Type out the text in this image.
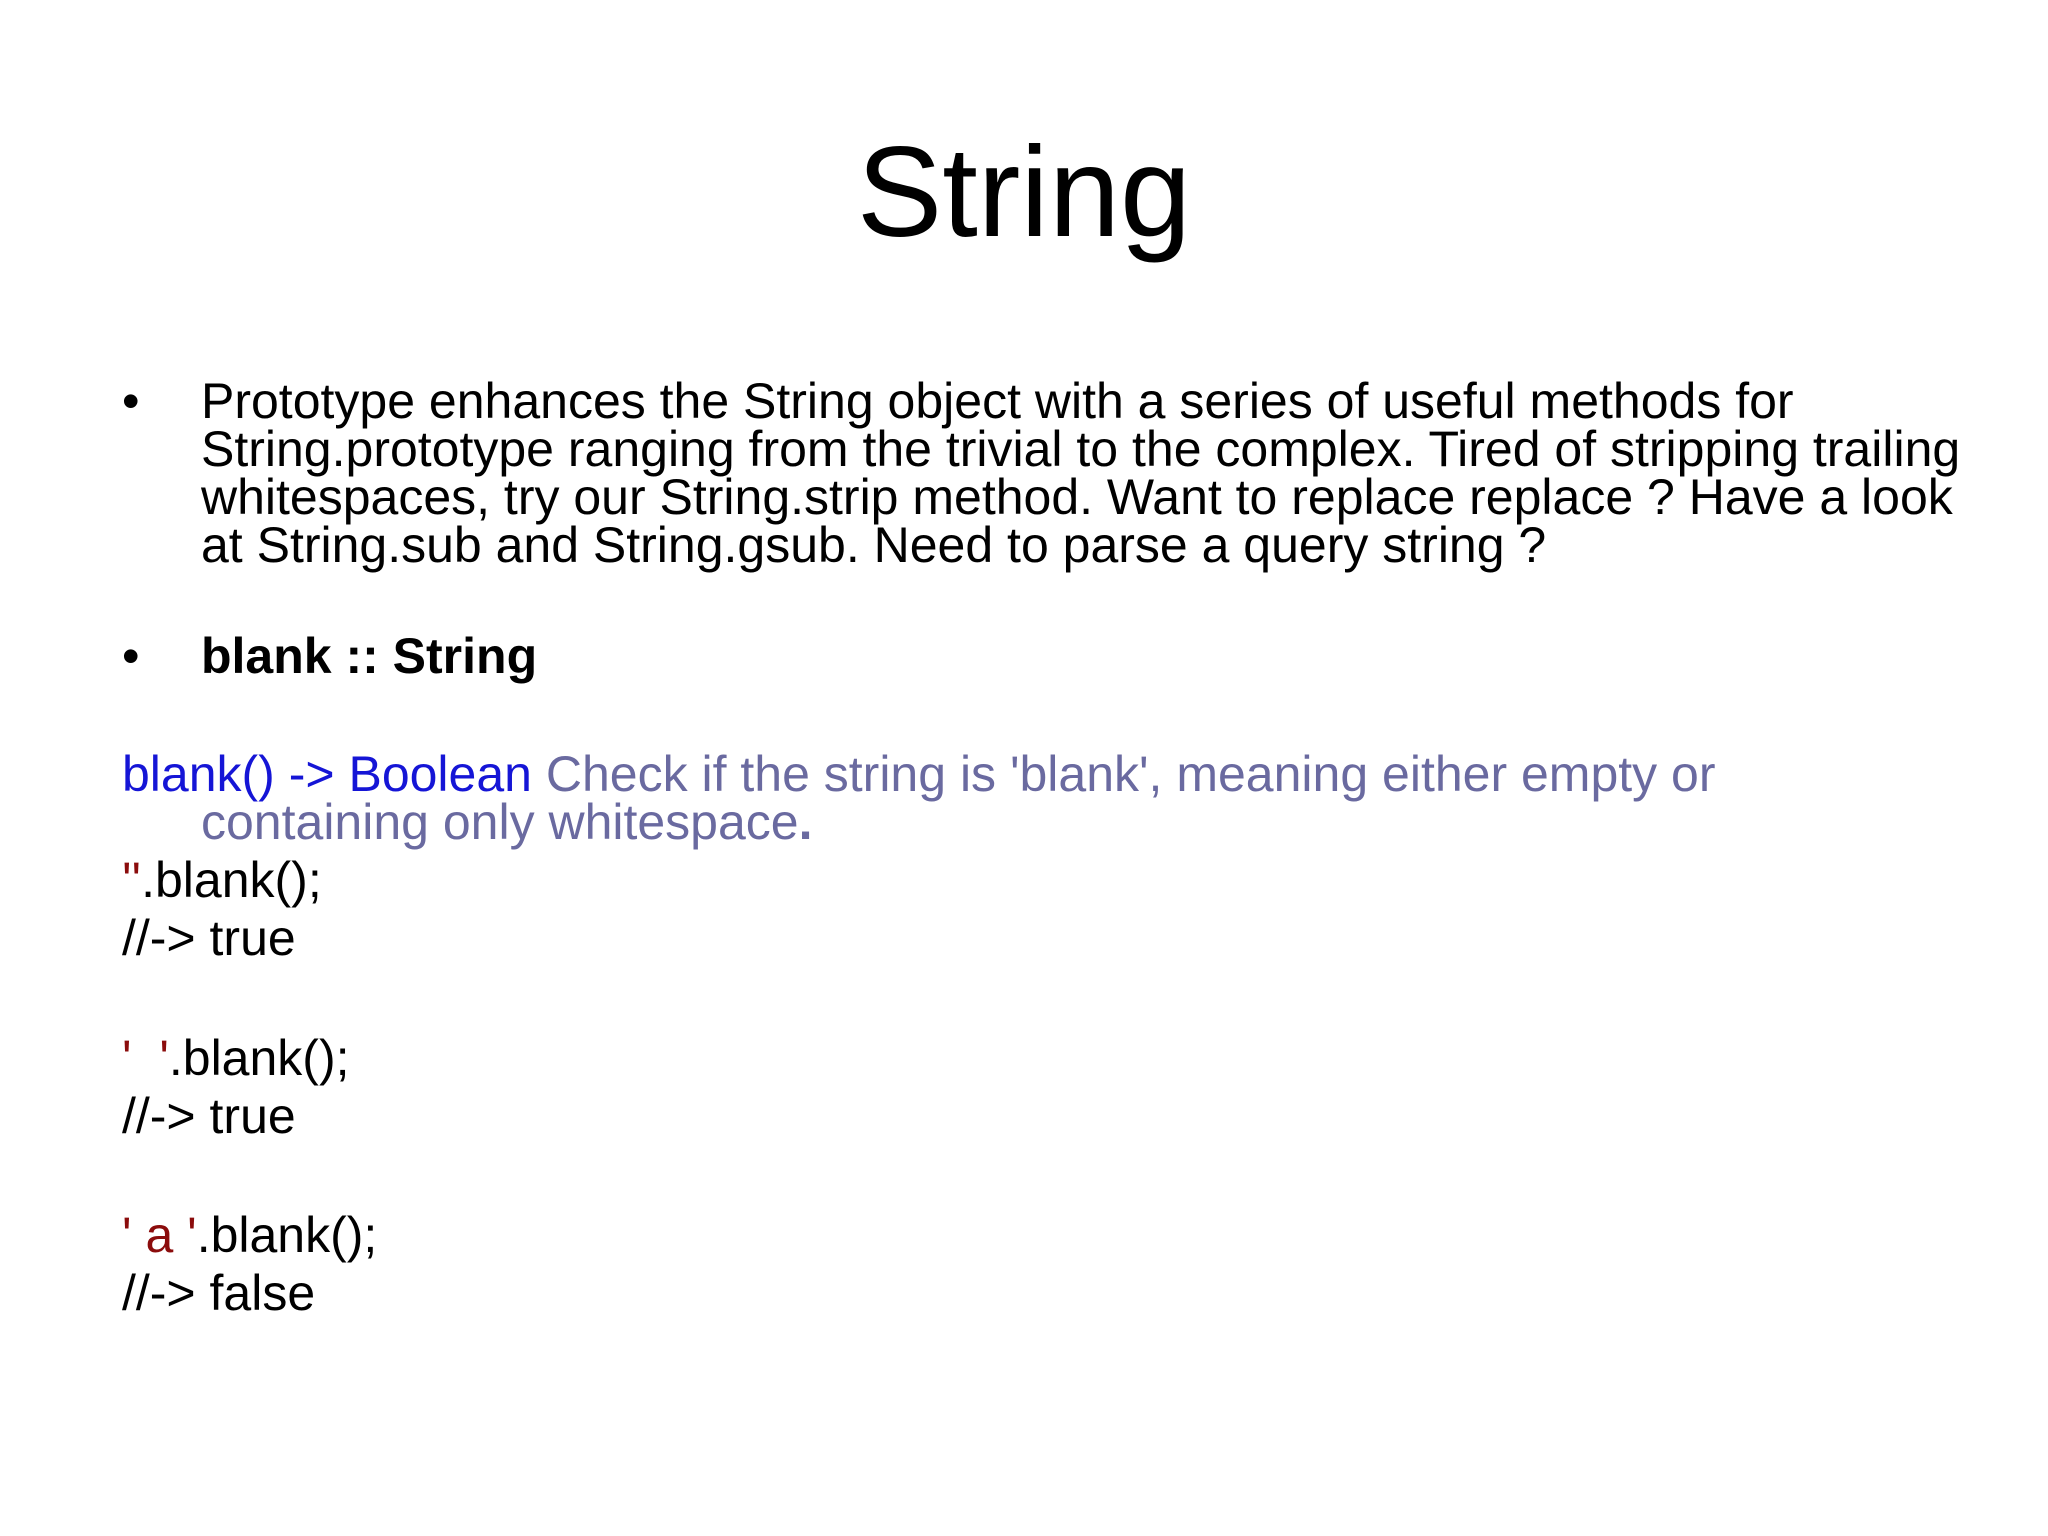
String
• Prototype enhances the String object with a series of useful methods for String.prototype ranging from the trivial to the complex. Tired of stripping trailing whitespaces, try our String.strip method. Want to replace replace ? Have a look at String.sub and String.gsub. Need to parse a query string ?
• blank :: String
blank() -> Boolean Check if the string is 'blank', meaning either empty or containing only whitespace.
''.blank();
//-> true
'  '.blank();
//-> true
' a '.blank();
//-> false
